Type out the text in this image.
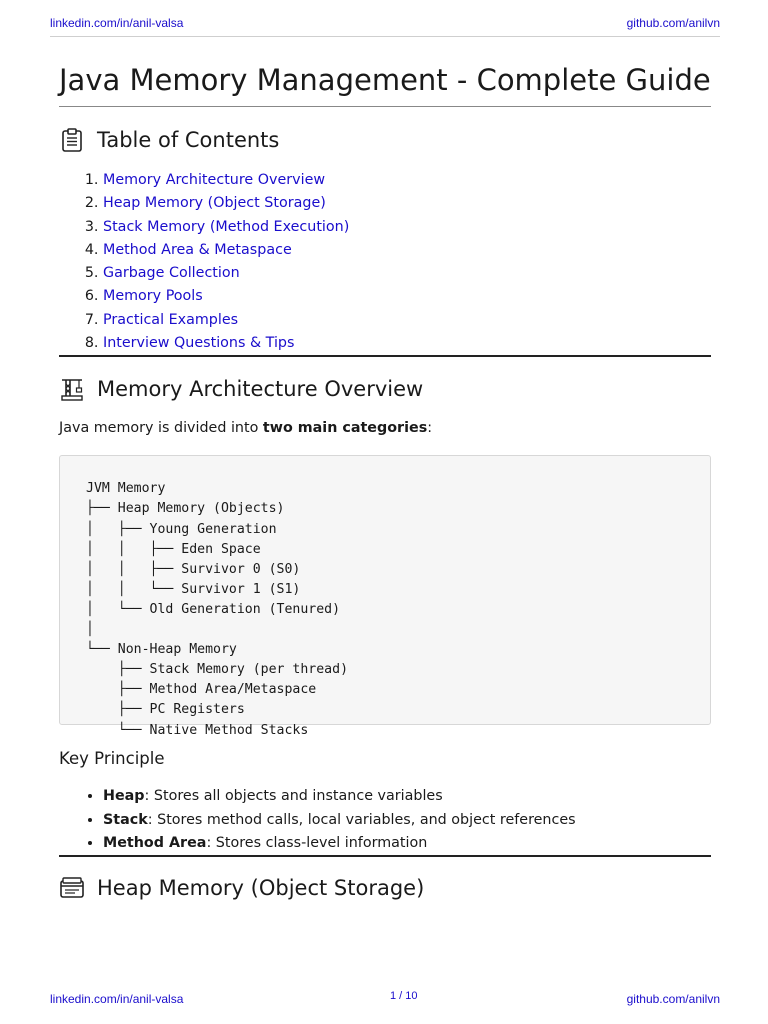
linkedin.com/in/anil-valsa	github.com/anilvn
Java Memory Management - Complete Guide
Table of Contents
1. Memory Architecture Overview
2. Heap Memory (Object Storage)
3. Stack Memory (Method Execution)
4. Method Area & Metaspace
5. Garbage Collection
6. Memory Pools
7. Practical Examples
8. Interview Questions & Tips
Memory Architecture Overview

Java memory is divided into two main categories:

JVM Memory
├── Heap Memory (Objects)
│   ├── Young Generation
│   │   ├── Eden Space
│   │   ├── Survivor 0 (S0)
│   │   └── Survivor 1 (S1)
│   └── Old Generation (Tenured)
│
└── Non-Heap Memory
├── Stack Memory (per thread)
├── Method Area/Metaspace
├── PC Registers
└── Native Method Stacks
Key Principle
• Heap: Stores all objects and instance variables
• Stack: Stores method calls, local variables, and object references
• Method Area: Stores class-level information
Heap Memory (Object Storage)
linkedin.com/in/anil-valsa	1 / 10	github.com/anilvn
